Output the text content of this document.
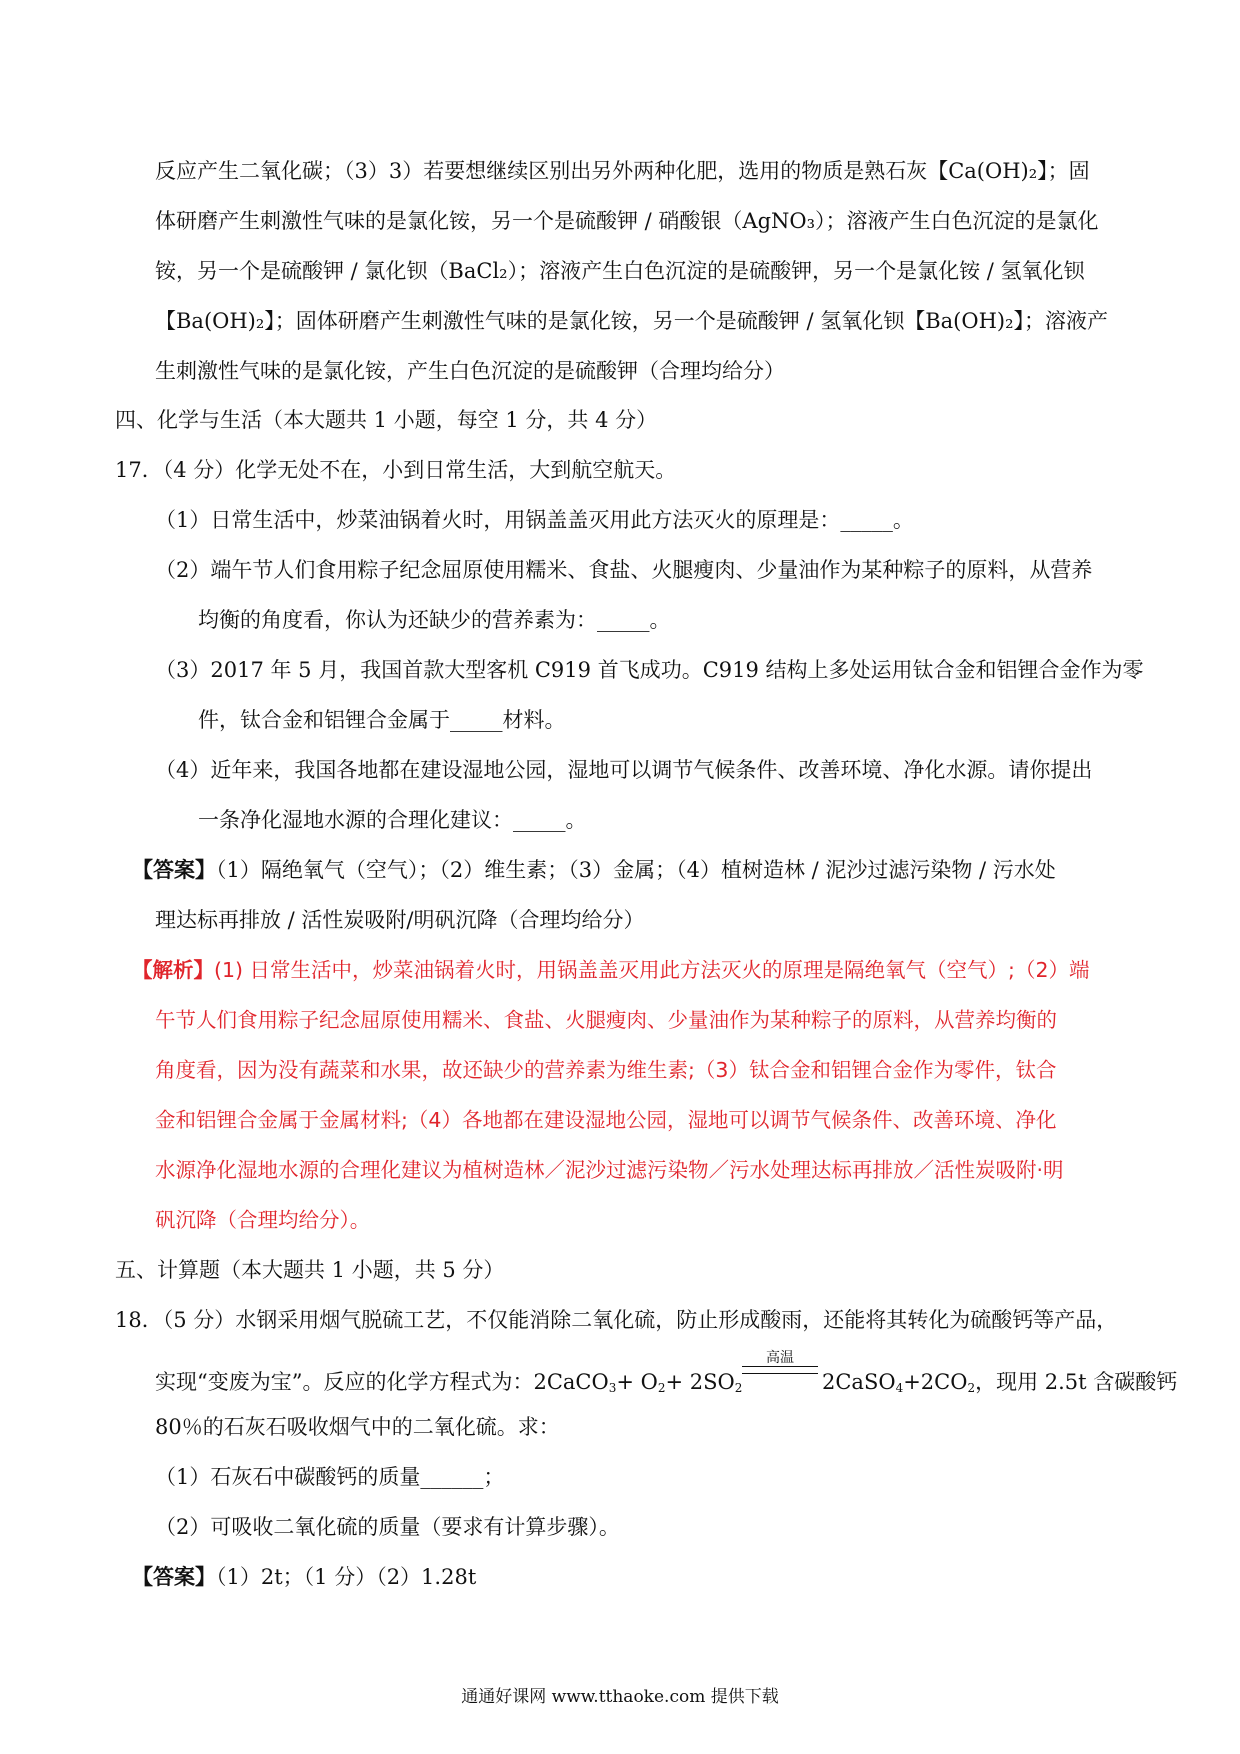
反应产生二氧化碳；（3）3）若要想继续区别出另外两种化肥，选用的物质是熟石灰【Ca(OH)₂】；固
体研磨产生刺激性气味的是氯化铵，另一个是硫酸钾 / 硝酸银（AgNO₃）；溶液产生白色沉淀的是氯化
铵，另一个是硫酸钾 / 氯化钡（BaCl₂）；溶液产生白色沉淀的是硫酸钾，另一个是氯化铵 / 氢氧化钡
【Ba(OH)₂】；固体研磨产生刺激性气味的是氯化铵，另一个是硫酸钾 / 氢氧化钡【Ba(OH)₂】；溶液产
生刺激性气味的是氯化铵，产生白色沉淀的是硫酸钾（合理均给分）
四、化学与生活（本大题共 1 小题，每空 1 分，共 4 分）
17．（4 分）化学无处不在，小到日常生活，大到航空航天。
（1）日常生活中，炒菜油锅着火时，用锅盖盖灭用此方法灭火的原理是：_____。
（2）端午节人们食用粽子纪念屈原使用糯米、食盐、火腿瘦肉、少量油作为某种粽子的原料，从营养
均衡的角度看，你认为还缺少的营养素为：_____。
（3）2017 年 5 月，我国首款大型客机 C919 首飞成功。C919 结构上多处运用钛合金和铝锂合金作为零
件，钛合金和铝锂合金属于_____材料。
（4）近年来，我国各地都在建设湿地公园，湿地可以调节气候条件、改善环境、净化水源。请你提出
一条净化湿地水源的合理化建议：_____。
【答案】（1）隔绝氧气（空气）；（2）维生素；（3）金属；（4）植树造林 / 泥沙过滤污染物 / 污水处
理达标再排放 / 活性炭吸附/明矾沉降（合理均给分）
【解析】(1) 日常生活中，炒菜油锅着火时，用锅盖盖灭用此方法灭火的原理是隔绝氧气（空气）;（2）端
午节人们食用粽子纪念屈原使用糯米、食盐、火腿瘦肉、少量油作为某种粽子的原料，从营养均衡的
角度看，因为没有蔬菜和水果，故还缺少的营养素为维生素;（3）钛合金和铝锂合金作为零件，钛合
金和铝锂合金属于金属材料;（4）各地都在建设湿地公园，湿地可以调节气候条件、改善环境、净化
水源净化湿地水源的合理化建议为植树造林／泥沙过滤污染物／污水处理达标再排放／活性炭吸附·明
矾沉降（合理均给分）。
五、计算题（本大题共 1 小题，共 5 分）
18．（5 分）水钢采用烟气脱硫工艺，不仅能消除二氧化硫，防止形成酸雨，还能将其转化为硫酸钙等产品，
实现“变废为宝”。反应的化学方程式为：2CaCO$_3$+ $O_2+ 2SO_2$
高温
$2CaSO_4+2CO_2$，现用 2.5t 含碳酸钙
80％的石灰石吸收烟气中的二氧化硫。求：
（1）石灰石中碳酸钙的质量______；
（2）可吸收二氧化硫的质量（要求有计算步骤）。
【答案】（1）2t；（1 分）（2）1.28t
通通好课网 www.tthaoke.com 提供下载
